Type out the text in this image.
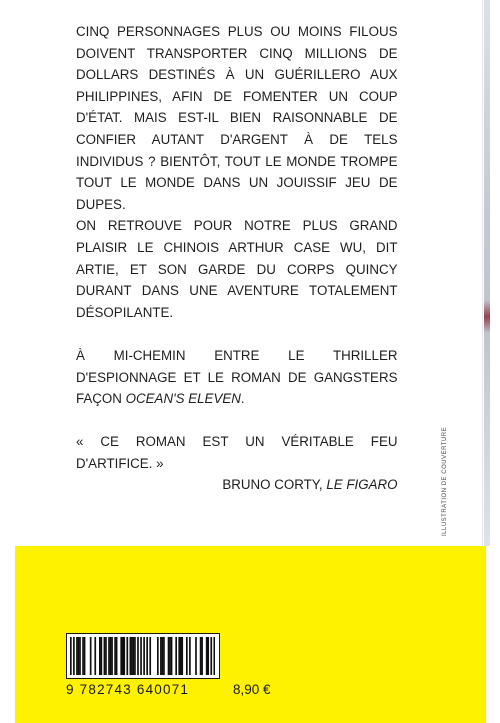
CINQ PERSONNAGES PLUS OU MOINS FILOUS DOIVENT TRANSPORTER CINQ MILLIONS DE DOLLARS DESTINÉS À UN GUÉRILLERO AUX PHILIPPINES, AFIN DE FOMENTER UN COUP D'ÉTAT. MAIS EST-IL BIEN RAISONNABLE DE CONFIER AUTANT D'ARGENT À DE TELS INDIVIDUS ? BIENTÔT, TOUT LE MONDE TROMPE TOUT LE MONDE DANS UN JOUISSIF JEU DE DUPES.

ON RETROUVE POUR NOTRE PLUS GRAND PLAISIR LE CHINOIS ARTHUR CASE WU, DIT ARTIE, ET SON GARDE DU CORPS QUINCY DURANT DANS UNE AVENTURE TOTALEMENT DÉSOPILANTE.

À MI-CHEMIN ENTRE LE THRILLER D'ESPIONNAGE ET LE ROMAN DE GANGSTERS FAÇON OCEAN'S ELEVEN.

« CE ROMAN EST UN VÉRITABLE FEU D'ARTIFICE. »

BRUNO CORTY, LE FIGARO	ILLUSTRATION DE COUVERTURE
9 782743 640071	8,90 €
